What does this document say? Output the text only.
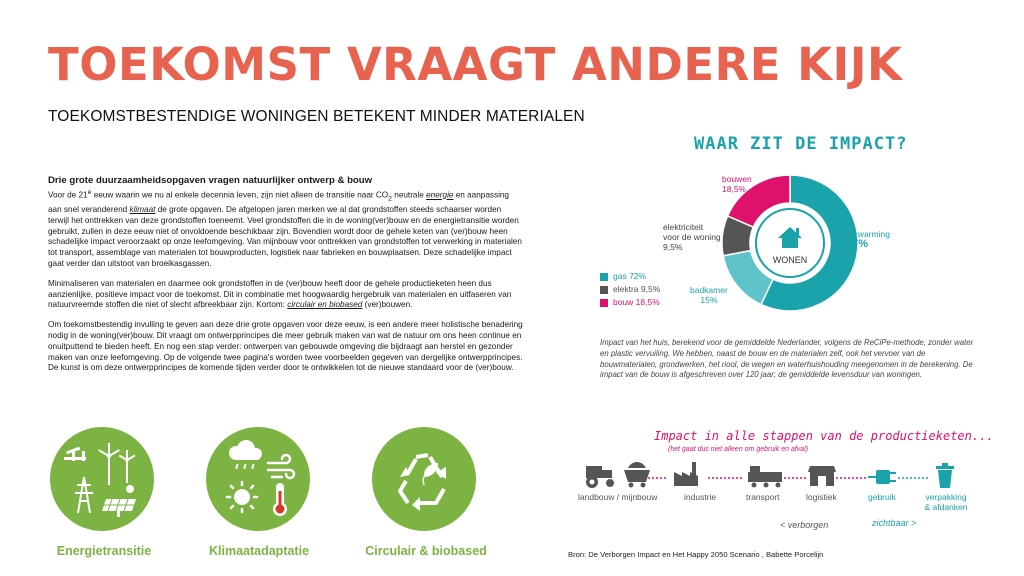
TOEKOMST VRAAGT ANDERE KIJK
TOEKOMSTBESTENDIGE WONINGEN BETEKENT MINDER MATERIALEN
Drie grote duurzaamheidsopgaven vragen natuurlijker ontwerp & bouw

Voor de 21e eeuw waarin we nu al enkele decennia leven, zijn niet alleen de transitie naar $CO_2$ neutrale energie en aanpassing aan snel veranderend klimaat de grote opgaven. De afgelopen jaren merken we al dat grondstoffen steeds schaarser worden terwijl het onttrekken van deze grondstoffen toeneemt. Veel grondstoffen die in de woning(ver)bouw en de energietransitie worden gebruikt, zullen in deze eeuw niet of onvoldoende beschikbaar zijn. Bovendien wordt door de gehele keten van (ver)bouw heen schadelijke impact veroorzaakt op onze leefomgeving. Van mijnbouw voor onttrekken van grondstoffen tot verwerking in materialen tot transport, assemblage van materialen tot bouwproducten, logistiek naar fabrieken en bouwplaatsen. Deze schadelijke impact gaat verder dan uitstoot van broeikasgassen.

Minimaliseren van materialen en daarmee ook grondstoffen in de (ver)bouw heeft door de gehele productieketen heen dus aanzienlijke, positieve impact voor de toekomst. Dit in combinatie met hoogwaardig hergebruik van materialen en uitfaseren van natuurvreemde stoffen die niet of slecht afbreekbaar zijn. Kortom: circulair en biobased (ver)bouwen.

Om toekomstbestendig invulling te geven aan deze drie grote opgaven voor deze eeuw, is een andere meer holistische benadering nodig in de woning(ver)bouw. Dit vraagt om ontwerpprincipes die meer gebruik maken van wat de natuur om ons heen continue en onuitputtend te bieden heeft. En nog een stap verder: ontwerpen van gebouwde omgeving die bijdraagt aan herstel en gezonder maken van onze leefomgeving. Op de volgende twee pagina's worden twee voorbeelden gegeven van dergelijke ontwerpprincipes. De kunst is om deze ontwerpprincipes de komende tijden verder door te ontwikkelen tot de nieuwe standaard voor de (ver)bouw.

Energietransitie	Klimaatadaptatie	Circulair & biobased
WAAR ZIT DE IMPACT?
WONEN
bouwen
18,5%
verwarming
57%
elektriciteit
voor de woning
9,5%
badkamer
15%
gas 72%
elektra 9,5%
bouw 18,5%
Impact van het huis, berekend voor de gemiddelde Nederlander, volgens de ReCiPe-methode, zonder water en plastic vervuiling. We hebben, naast de bouw en de materialen zelf, ook het vervoer van de bouwmaterialen, grondwerken, het riool, de wegen en waterhuishouding meegenomen in de berekening. De impact van de bouw is afgeschreven over 120 jaar; de gemiddelde levensduur van woningen.
Impact in alle stappen van de productieketen...
(het gaat dus niet alleen om gebruik en afval)
landbouw / mijnbouw	industrie	transport	logistiek	gebruik	verpakking
& afdanken
< verborgen	zichtbaar >
Bron: De Verborgen Impact en Het Happy 2050 Scenario , Babette Porcelijn
